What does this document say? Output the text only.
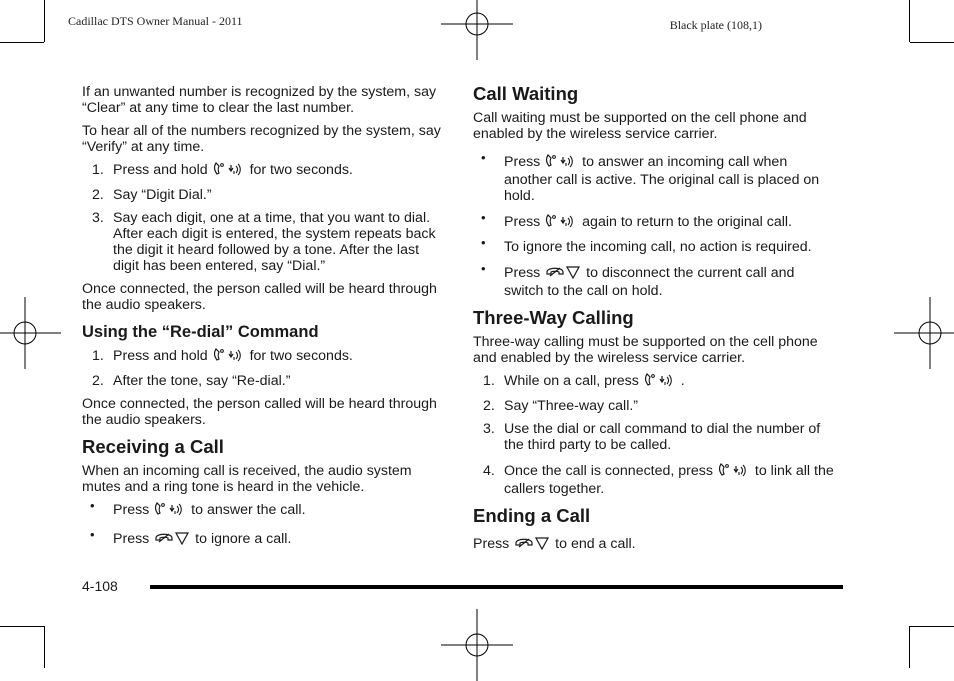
Cadillac DTS Owner Manual - 2011	Black plate (108,1)

If an unwanted number is recognized by the system, say “Clear” at any time to clear the last number.

To hear all of the numbers recognized by the system, say “Verify” at any time.

1. Press and hold	for two seconds.
2. Say “Digit Dial.”
3. Say each digit, one at a time, that you want to dial. After each digit is entered, the system repeats back the digit it heard followed by a tone. After the last digit has been entered, say “Dial.”

Once connected, the person called will be heard through the audio speakers.

Using the “Re-dial” Command
1. Press and hold	for two seconds.
2. After the tone, say “Re-dial.”

Once connected, the person called will be heard through the audio speakers.

Receiving a Call

When an incoming call is received, the audio system mutes and a ring tone is heard in the vehicle.

• Press	to answer the call.
• Press	to ignore a call.
Call Waiting

Call waiting must be supported on the cell phone and enabled by the wireless service carrier.

• Press	to answer an incoming call when another call is active. The original call is placed on hold.
• Press	again to return to the original call.
• To ignore the incoming call, no action is required.
• Press	to disconnect the current call and switch to the call on hold.
Three-Way Calling

Three-way calling must be supported on the cell phone and enabled by the wireless service carrier.

1. While on a call, press	.
2. Say “Three-way call.”
3. Use the dial or call command to dial the number of the third party to be called.
4. Once the call is connected, press	to link all the callers together.
Ending a Call

Press	to end a call.

4-108
